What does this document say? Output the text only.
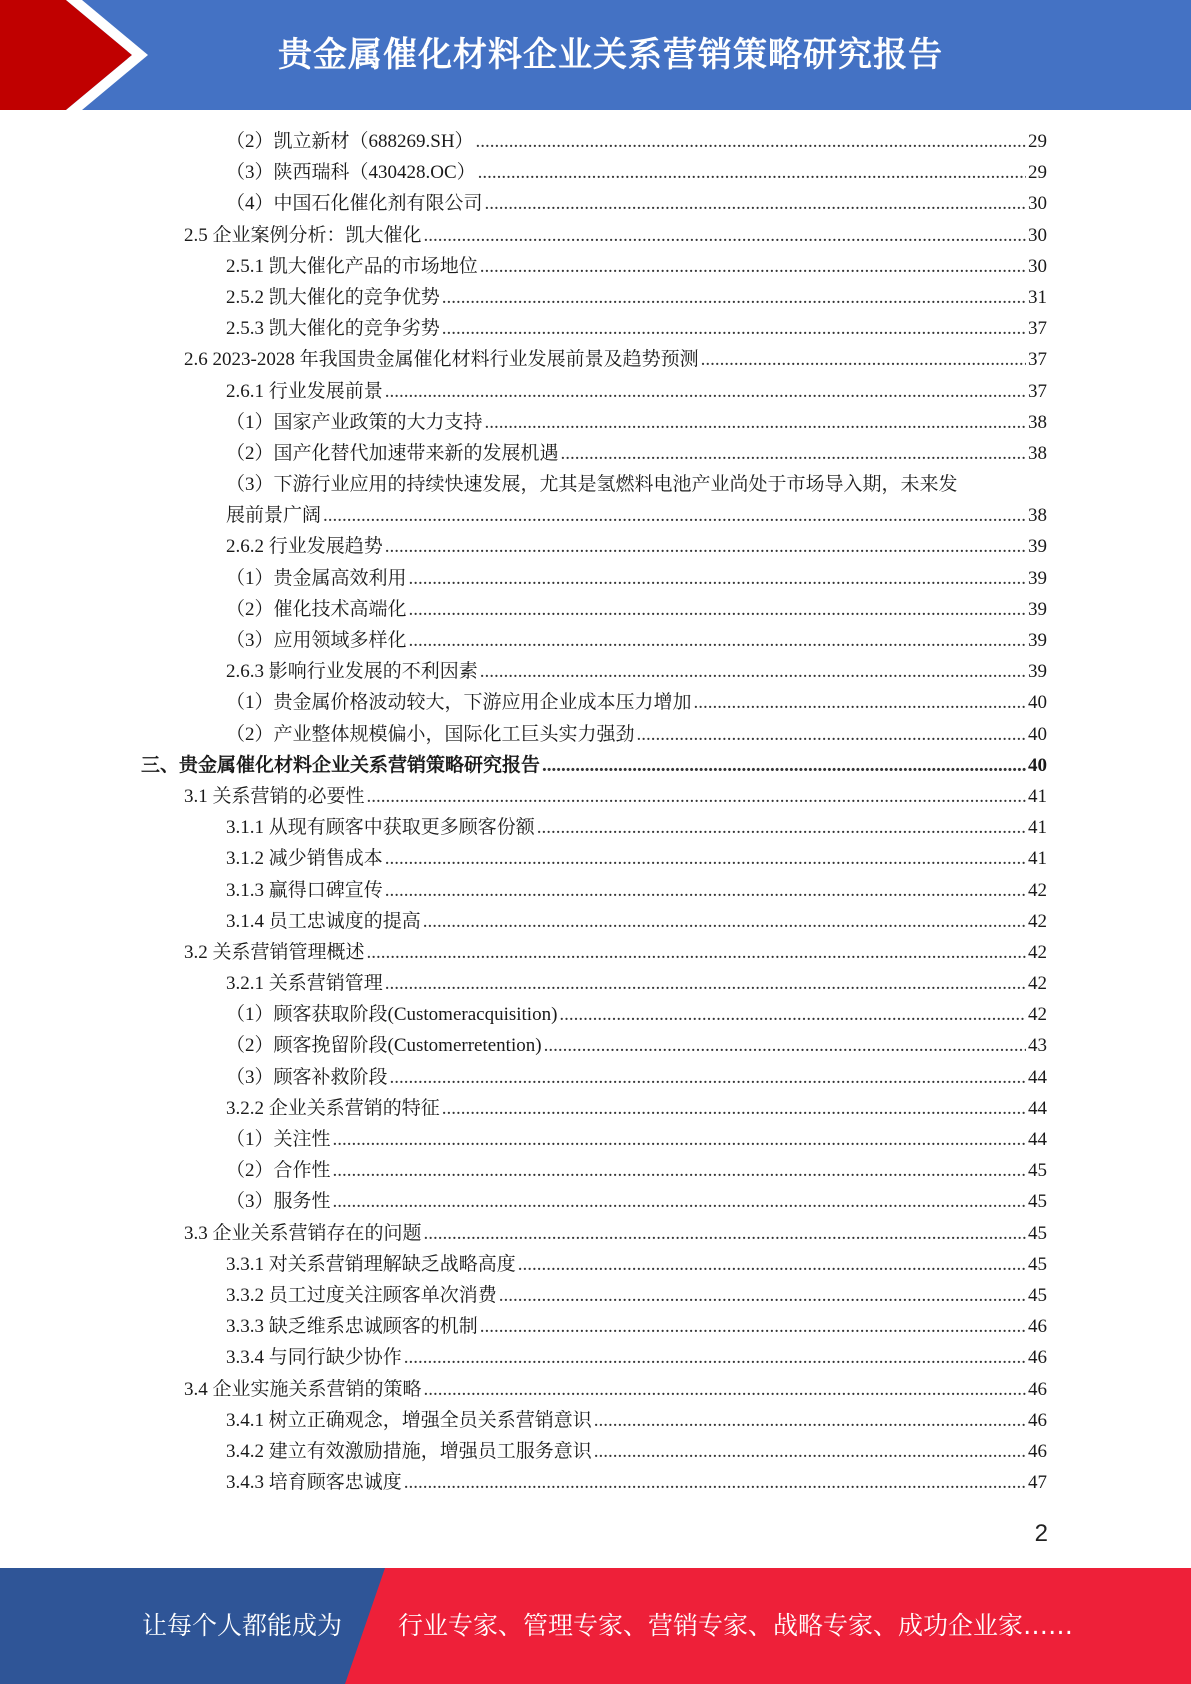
贵金属催化材料企业关系营销策略研究报告
（2）凯立新材（688269.SH） .....	29
（3）陕西瑞科（430428.OC） .....	29
（4）中国石化催化剂有限公司 .....	30
2.5 企业案例分析：凯大催化 .....	30
2.5.1 凯大催化产品的市场地位 .....	30
2.5.2 凯大催化的竞争优势 .....	31
2.5.3 凯大催化的竞争劣势 .....	37
2.6 2023-2028 年我国贵金属催化材料行业发展前景及趋势预测 .....	37
2.6.1 行业发展前景 .....	37
（1）国家产业政策的大力支持 .....	38
（2）国产化替代加速带来新的发展机遇 .....	38
（3）下游行业应用的持续快速发展，尤其是氢燃料电池产业尚处于市场导入期，未来发
展前景广阔 .....	38
2.6.2 行业发展趋势 .....	39
（1）贵金属高效利用 .....	39
（2）催化技术高端化 .....	39
（3）应用领域多样化 .....	39
2.6.3 影响行业发展的不利因素 .....	39
（1）贵金属价格波动较大，下游应用企业成本压力增加 .....	40
（2）产业整体规模偏小，国际化工巨头实力强劲 .....	40
三、贵金属催化材料企业关系营销策略研究报告 .....	40
3.1 关系营销的必要性 .....	41
3.1.1 从现有顾客中获取更多顾客份额 .....	41
3.1.2 减少销售成本 .....	41
3.1.3 赢得口碑宣传 .....	42
3.1.4 员工忠诚度的提高 .....	42
3.2 关系营销管理概述 .....	42
3.2.1 关系营销管理 .....	42
（1）顾客获取阶段(Customeracquisition) .....	42
（2）顾客挽留阶段(Customerretention) .....	43
（3）顾客补救阶段 .....	44
3.2.2 企业关系营销的特征 .....	44
（1）关注性 .....	44
（2）合作性 .....	45
（3）服务性 .....	45
3.3 企业关系营销存在的问题 .....	45
3.3.1 对关系营销理解缺乏战略高度 .....	45
3.3.2 员工过度关注顾客单次消费 .....	45
3.3.3 缺乏维系忠诚顾客的机制 .....	46
3.3.4 与同行缺少协作 .....	46
3.4 企业实施关系营销的策略 .....	46
3.4.1 树立正确观念，增强全员关系营销意识 .....	46
3.4.2 建立有效激励措施，增强员工服务意识 .....	46
3.4.3 培育顾客忠诚度 .....	47
2
让每个人都能成为 行业专家、管理专家、营销专家、战略专家、成功企业家……
